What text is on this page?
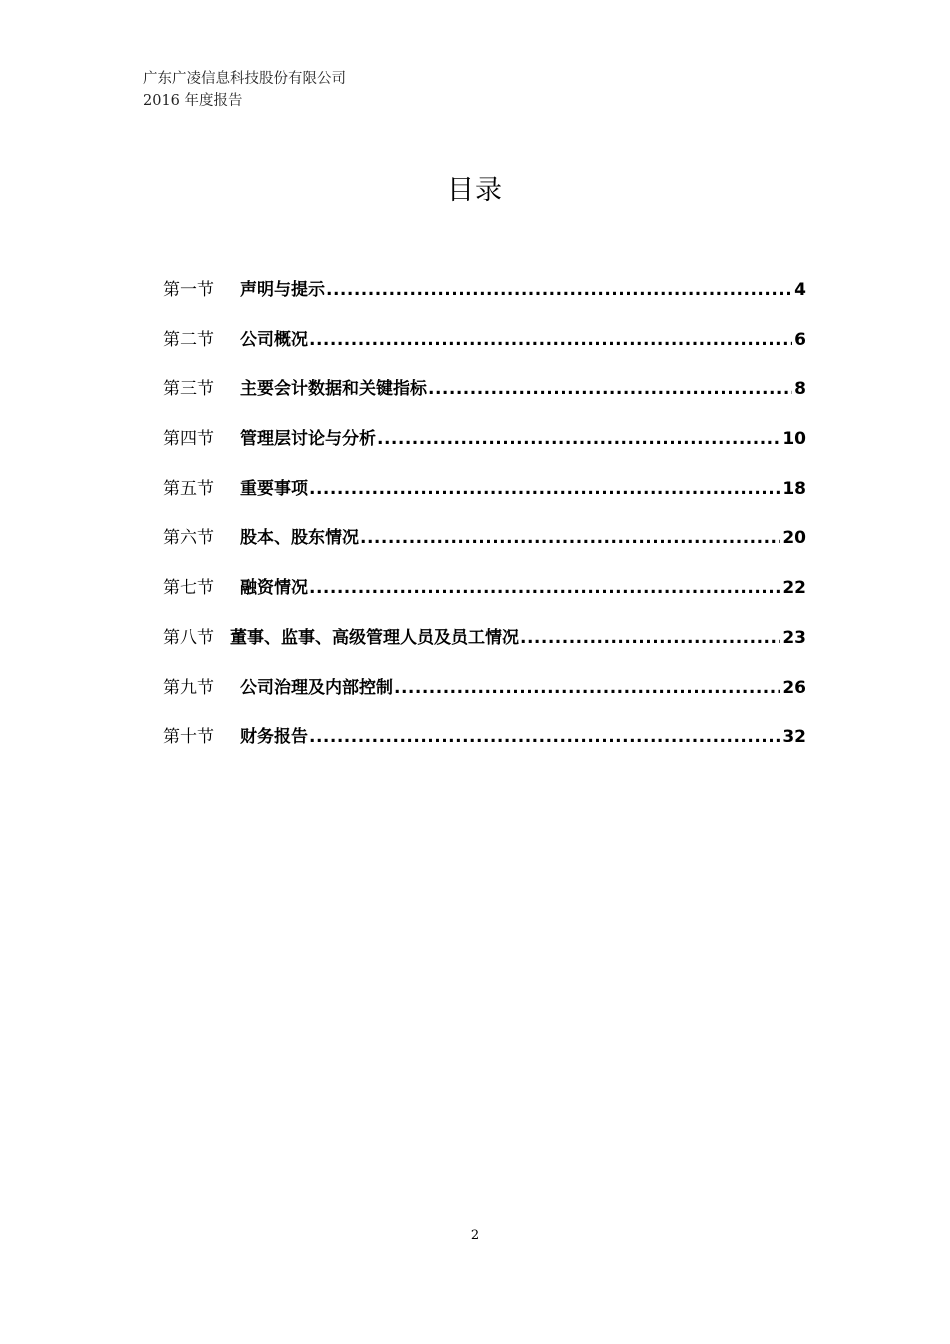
广东广凌信息科技股份有限公司
2016 年度报告
目录
第一节	声明与提示 .....	4
第二节	公司概况 .....	6
第三节	主要会计数据和关键指标 .....	8
第四节	管理层讨论与分析 .....	10
第五节	重要事项 .....	18
第六节	股本、股东情况 .....	20
第七节	融资情况 .....	22
第八节 董事、监事、高级管理人员及员工情况 .....	23
第九节	公司治理及内部控制 .....	26
第十节	财务报告 .....	32
2
